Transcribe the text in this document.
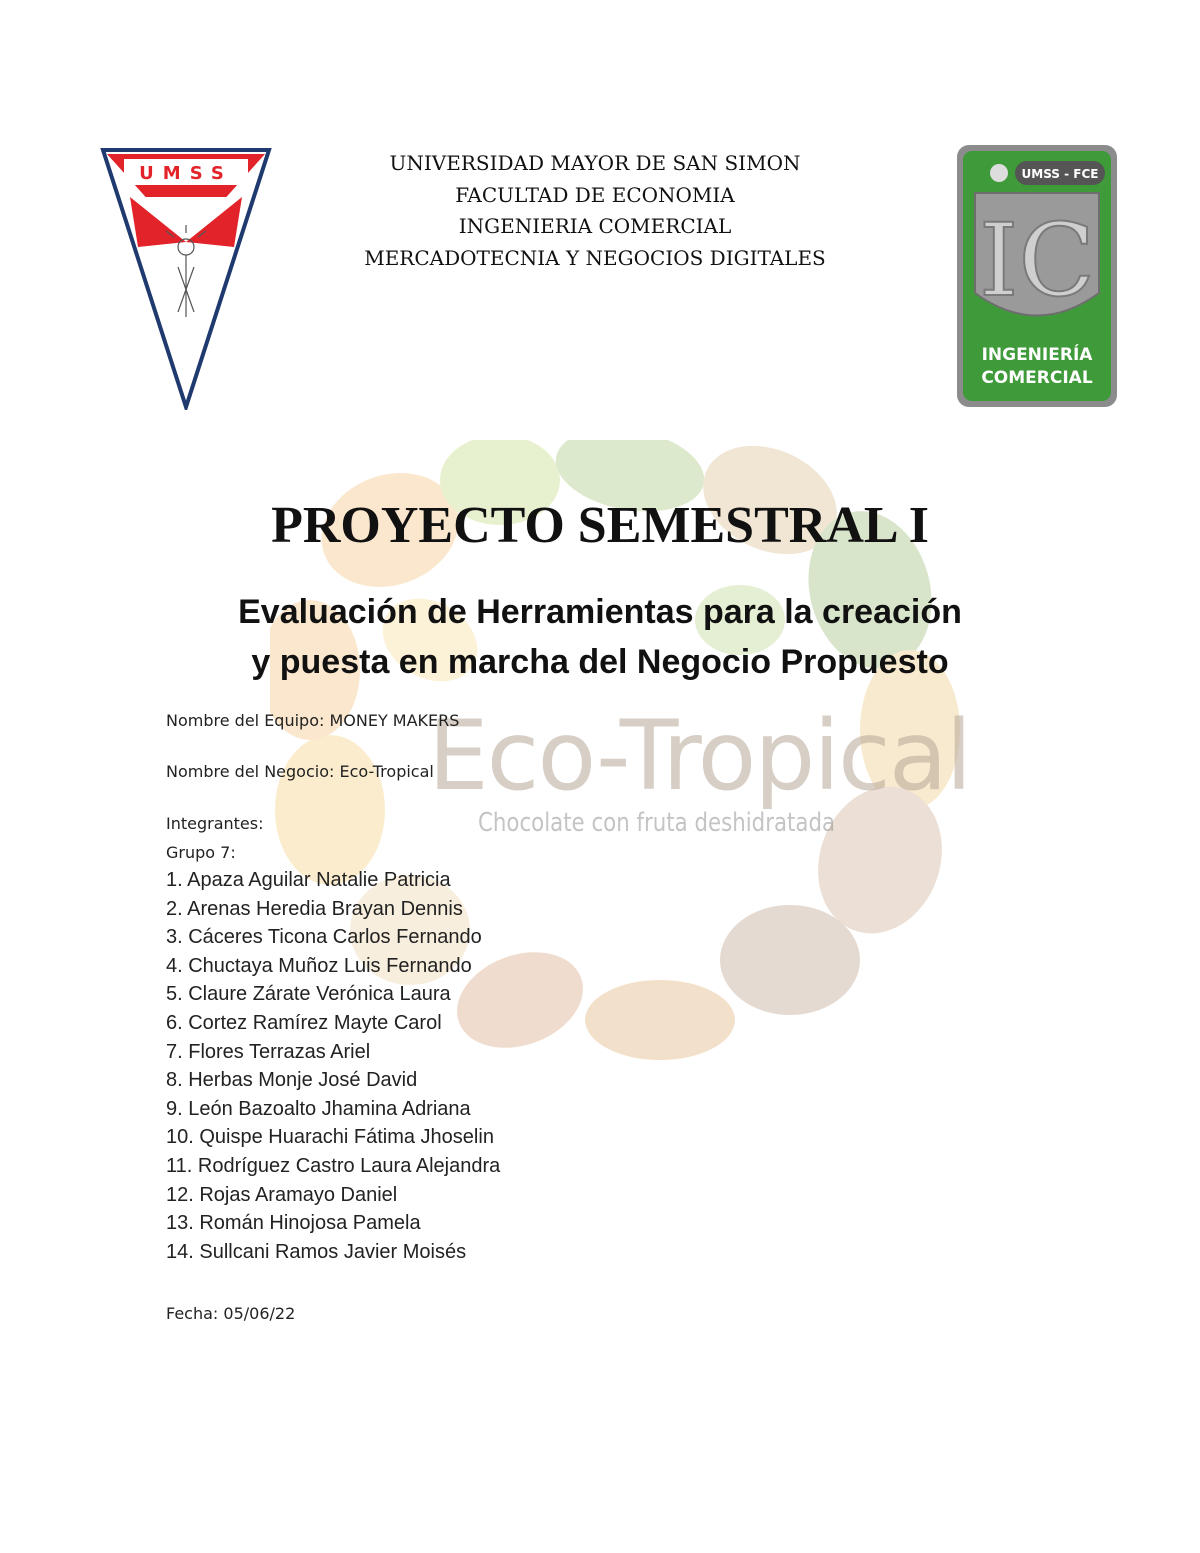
Eco-Tropical
Chocolate con fruta deshidratada
UMSS	UNIVERSIDAD MAYOR DE SAN SIMON
FACULTAD DE ECONOMIA
INGENIERIA COMERCIAL
MERCADOTECNIA Y NEGOCIOS DIGITALES
UMSS - FCE
IC
INGENIERÍA
COMERCIAL
PROYECTO SEMESTRAL I
Evaluación de Herramientas para la creación
y puesta en marcha del Negocio Propuesto
Nombre del Equipo: MONEY MAKERS
Nombre del Negocio: Eco-Tropical
Integrantes:
Grupo 7:
1. Apaza Aguilar Natalie Patricia
2. Arenas Heredia Brayan Dennis
3. Cáceres Ticona Carlos Fernando
4. Chuctaya Muñoz Luis Fernando
5. Claure Zárate Verónica Laura
6. Cortez Ramírez Mayte Carol
7. Flores Terrazas Ariel
8. Herbas Monje José David
9. León Bazoalto Jhamina Adriana
10. Quispe Huarachi Fátima Jhoselin
11. Rodríguez Castro Laura Alejandra
12. Rojas Aramayo Daniel
13. Román Hinojosa Pamela
14. Sullcani Ramos Javier Moisés
Fecha: 05/06/22
